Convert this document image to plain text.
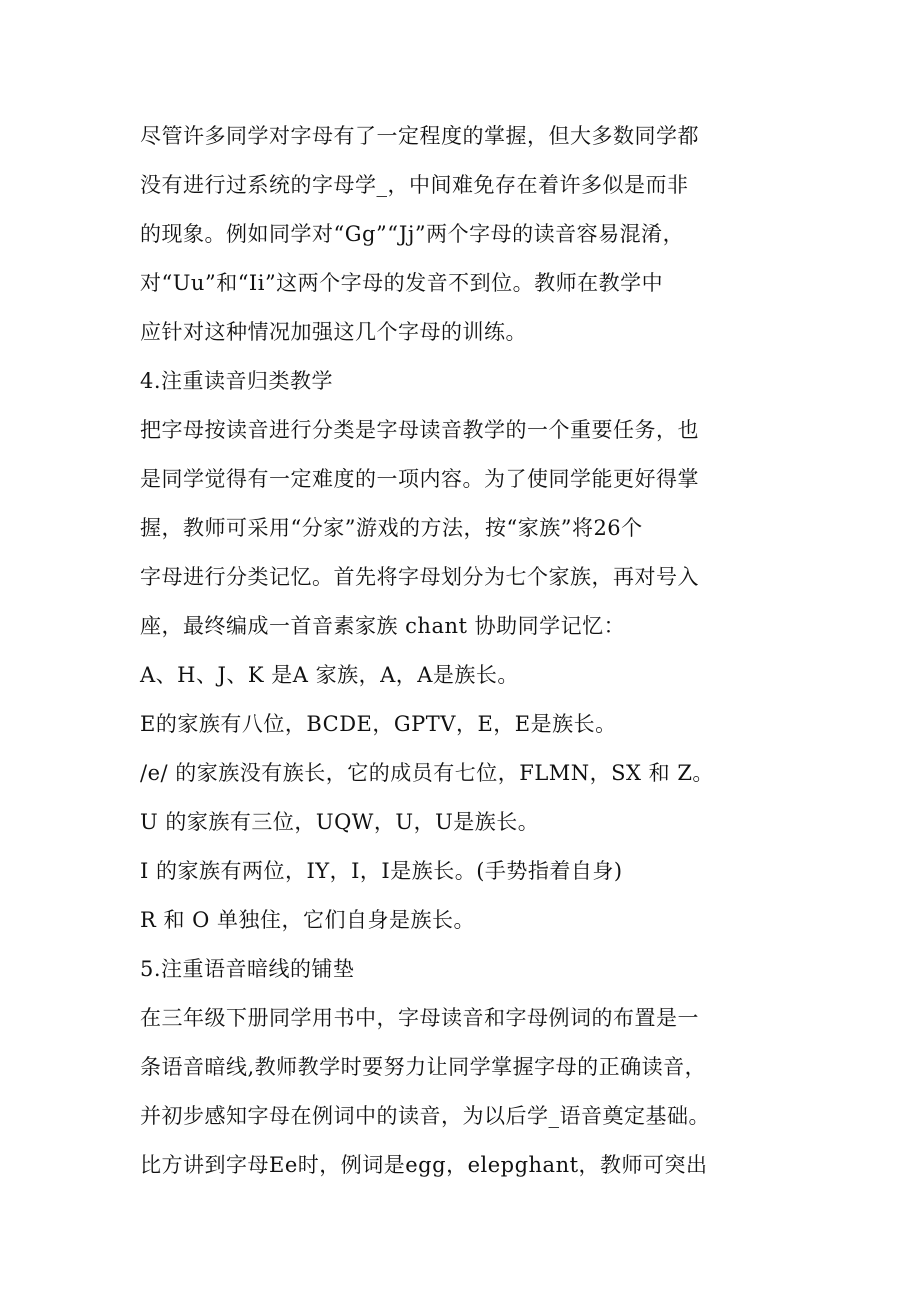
尽管许多同学对字母有了一定程度的掌握，但大多数同学都
没有进行过系统的字母学_，中间难免存在着许多似是而非
的现象。例如同学对“Gg”“Jj”两个字母的读音容易混淆，
对“Uu”和“Ii”这两个字母的发音不到位。教师在教学中
应针对这种情况加强这几个字母的训练。
4.注重读音归类教学
把字母按读音进行分类是字母读音教学的一个重要任务，也
是同学觉得有一定难度的一项内容。为了使同学能更好得掌
握，教师可采用“分家”游戏的方法，按“家族”将26个
字母进行分类记忆。首先将字母划分为七个家族，再对号入
座，最终编成一首音素家族 chant 协助同学记忆：
A、H、J、K 是A 家族，A，A是族长。
E的家族有八位，BCDE，GPTV，E，E是族长。
/e/ 的家族没有族长，它的成员有七位，FLMN，SX 和 Z。
U 的家族有三位，UQW，U，U是族长。
I 的家族有两位，IY，I，I是族长。(手势指着自身)
R 和 O 单独住，它们自身是族长。
5.注重语音暗线的铺垫
在三年级下册同学用书中，字母读音和字母例词的布置是一
条语音暗线,教师教学时要努力让同学掌握字母的正确读音，
并初步感知字母在例词中的读音，为以后学_语音奠定基础。
比方讲到字母Ee时，例词是egg，elepghant，教师可突出
